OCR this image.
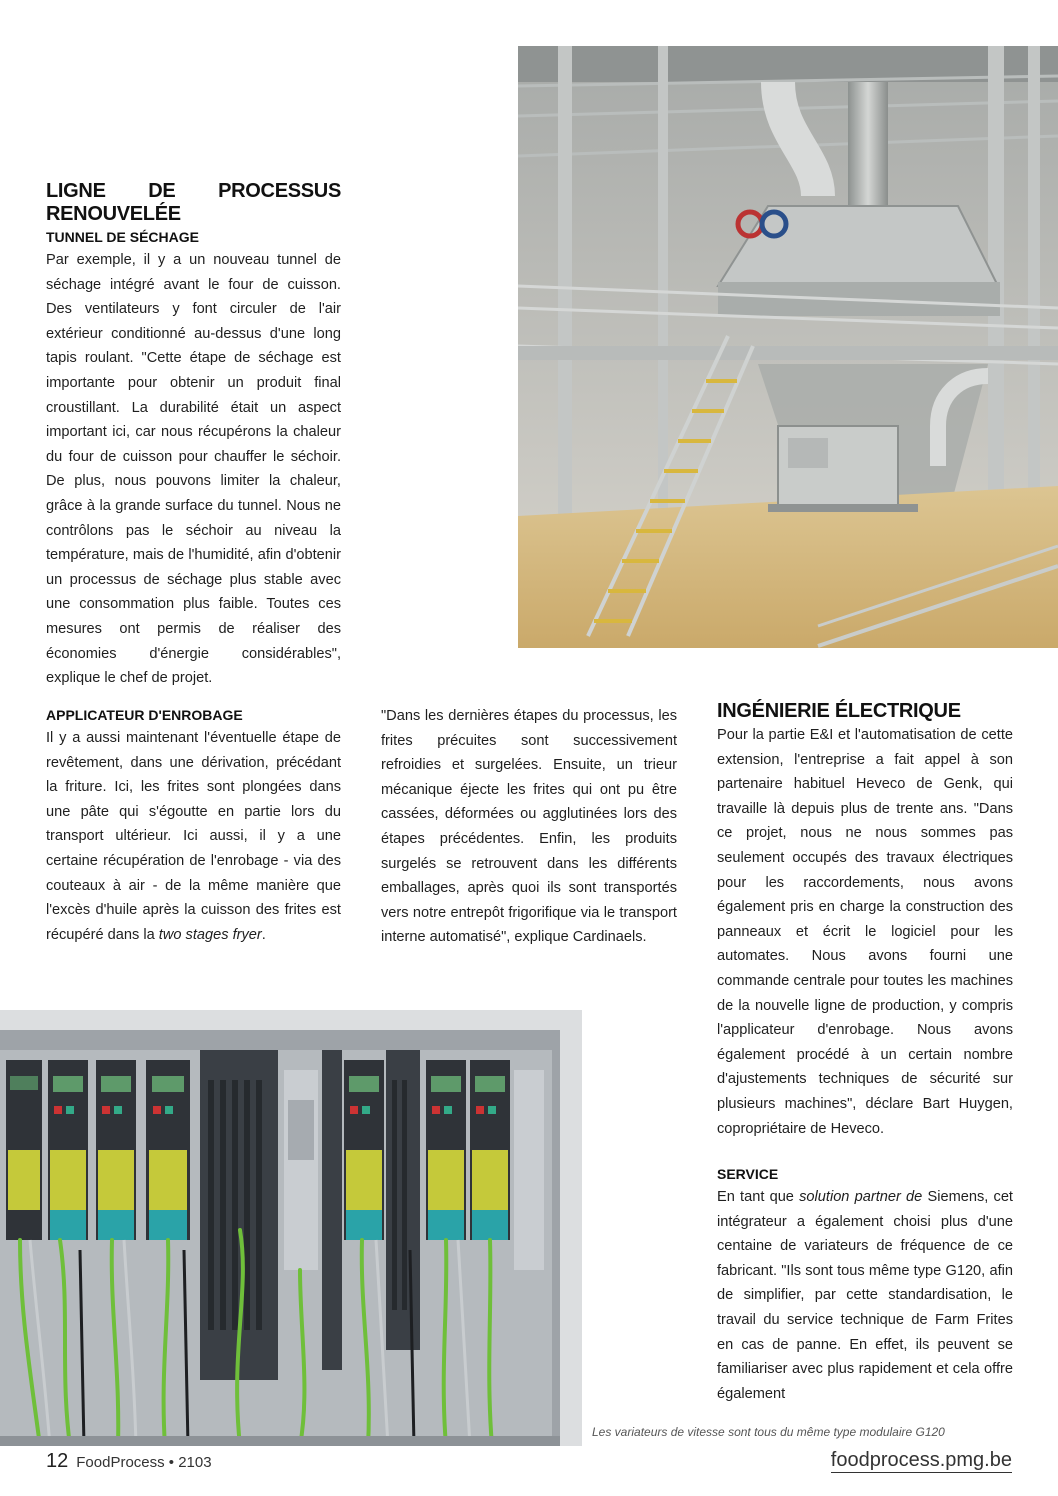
LIGNE DE PROCESSUS RENOUVELÉE
TUNNEL DE SÉCHAGE

Par exemple, il y a un nouveau tunnel de séchage intégré avant le four de cuisson. Des ventilateurs y font circuler de l'air extérieur conditionné au-dessus d'une long tapis roulant. "Cette étape de séchage est importante pour obtenir un produit final croustillant. La durabilité était un aspect important ici, car nous récupérons la chaleur du four de cuisson pour chauffer le séchoir. De plus, nous pouvons limiter la chaleur, grâce à la grande surface du tunnel. Nous ne contrôlons pas le séchoir au niveau la température, mais de l'humidité, afin d'obtenir un processus de séchage plus stable avec une consommation plus faible. Toutes ces mesures ont permis de réaliser des économies d'énergie considérables", explique le chef de projet.

APPLICATEUR D'ENROBAGE

Il y a aussi maintenant l'éventuelle étape de revêtement, dans une dérivation, précédant la friture. Ici, les frites sont plongées dans une pâte qui s'égoutte en partie lors du transport ultérieur. Ici aussi, il y a une certaine récupération de l'enrobage - via des couteaux à air - de la même manière que l'excès d'huile après la cuisson des frites est récupéré dans la two stages fryer.

"Dans les dernières étapes du processus, les frites précuites sont successivement refroidies et surgelées. Ensuite, un trieur mécanique éjecte les frites qui ont pu être cassées, déformées ou agglutinées lors des étapes précédentes. Enfin, les produits surgelés se retrouvent dans les différents emballages, après quoi ils sont transportés vers notre entrepôt frigorifique via le transport interne automatisé", explique Cardinaels.

INGÉNIERIE ÉLECTRIQUE

Pour la partie E&I et l'automatisation de cette extension, l'entreprise a fait appel à son partenaire habituel Heveco de Genk, qui travaille là depuis plus de trente ans. "Dans ce projet, nous ne nous sommes pas seulement occupés des travaux électriques pour les raccordements, nous avons également pris en charge la construction des panneaux et écrit le logiciel pour les automates. Nous avons fourni une commande centrale pour toutes les machines de la nouvelle ligne de production, y compris l'applicateur d'enrobage. Nous avons également procédé à un certain nombre d'ajustements techniques de sécurité sur plusieurs machines", déclare Bart Huygen, copropriétaire de Heveco.

SERVICE

En tant que solution partner de Siemens, cet intégrateur a également choisi plus d'une centaine de variateurs de fréquence de ce fabricant. "Ils sont tous même type G120, afin de simplifier, par cette standardisation, le travail du service technique de Farm Frites en cas de panne. En effet, ils peuvent se familiariser avec plus rapidement et cela offre également

Les variateurs de vitesse sont tous du même type modulaire G120
12 FoodProcess • 2103	foodprocess.pmg.be
